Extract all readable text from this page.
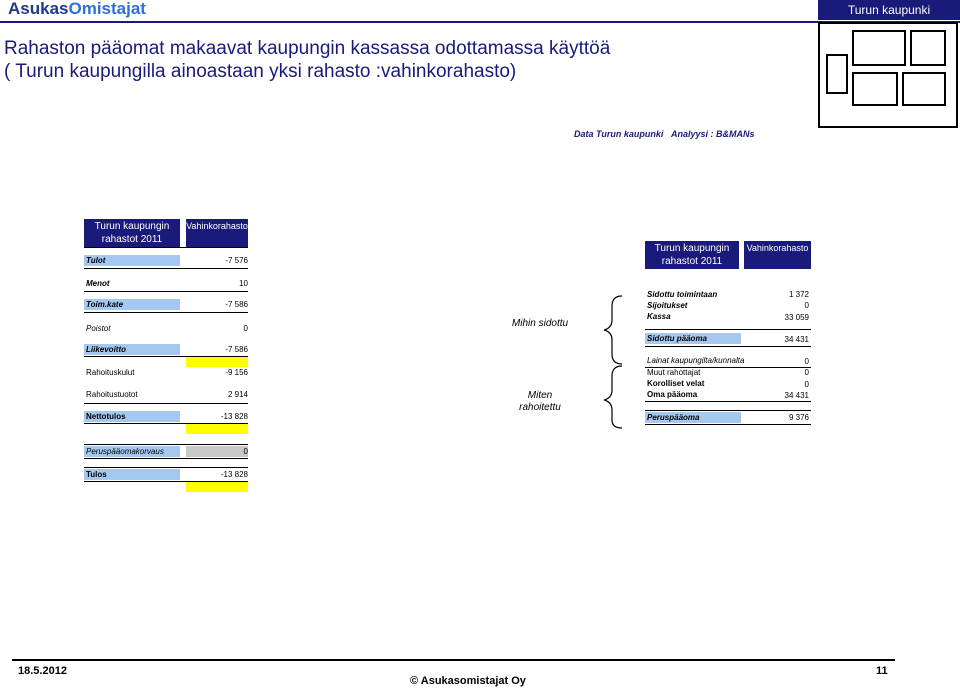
AsukasOmistajat	Turun kaupunki
Rahaston pääomat makaavat kaupungin kassassa odottamassa käyttöä
( Turun kaupungilla ainoastaan yksi rahasto :vahinkorahasto)
Data Turun kaupunki Analyysi : B&MANs
Turun kaupungin rahastot 2011
Vahinkorahasto
Tulot	-7 576
Menot	10
Toim.kate	-7 586
Poistot	0
Liikevoitto	-7 586
Rahoituskulut	-9 156
Rahoitustuotot	2 914
Nettotulos	-13 828
Peruspääomakorvaus	0
Tulos	-13 828
Mihin sidottu
Miten rahoitettu
Turun kaupungin rahastot 2011
Vahinkorahasto
Sidottu toimintaan	1 372
Sijoitukset	0
Kassa	33 059
Sidottu pääoma	34 431
Lainat kaupungilta/kunnalta	0
Muut rahottajat	0
Korolliset velat	0
Oma pääoma	34 431
Peruspääoma	9 376
18.5.2012
© Asukasomistajat Oy
11
